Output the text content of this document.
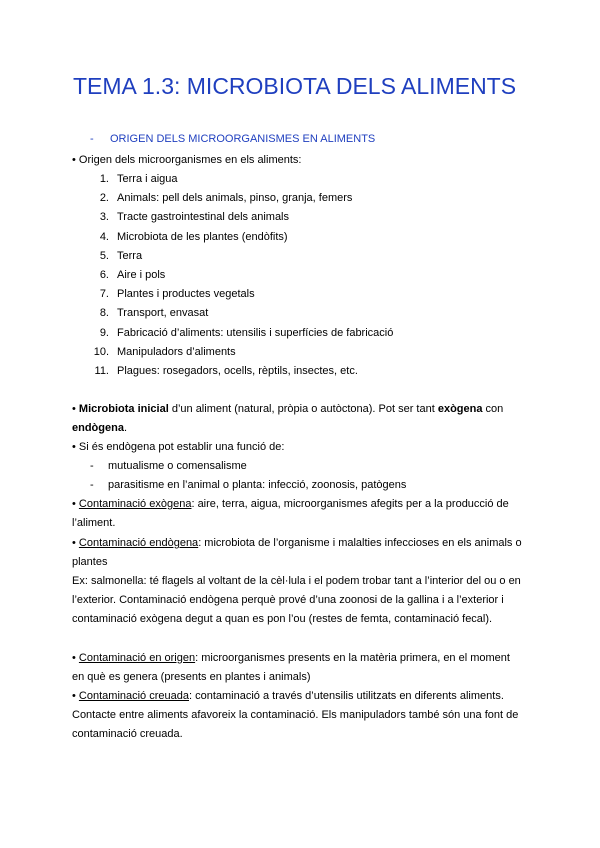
TEMA 1.3: MICROBIOTA DELS ALIMENTS
- ORIGEN DELS MICROORGANISMES EN ALIMENTS
• Origen dels microorganismes en els aliments:
1. Terra i aigua
2. Animals: pell dels animals, pinso, granja, femers
3. Tracte gastrointestinal dels animals
4. Microbiota de les plantes (endòfits)
5. Terra
6. Aire i pols
7. Plantes i productes vegetals
8. Transport, envasat
9. Fabricació d’aliments: utensilis i superfícies de fabricació
10. Manipuladors d’aliments
11. Plagues: rosegadors, ocells, rèptils, insectes, etc.
• Microbiota inicial d’un aliment (natural, pròpia o autòctona). Pot ser tant exògena con
endògena.
• Si és endògena pot establir una funció de:
- mutualisme o comensalisme
- parasitisme en l’animal o planta: infecció, zoonosis, patògens
• Contaminació exògena: aire, terra, aigua, microorganismes afegits per a la producció de
l’aliment.
• Contaminació endògena: microbiota de l’organisme i malalties infeccioses en els animals o
plantes
Ex: salmonella: té flagels al voltant de la cèl·lula i el podem trobar tant a l’interior del ou o en
l’exterior. Contaminació endògena perquè prové d’una zoonosi de la gallina i a l’exterior i
contaminació exògena degut a quan es pon l’ou (restes de femta, contaminació fecal).
• Contaminació en origen: microorganismes presents en la matèria primera, en el moment
en què es genera (presents en plantes i animals)
• Contaminació creuada: contaminació a través d’utensilis utilitzats en diferents aliments.
Contacte entre aliments afavoreix la contaminació. Els manipuladors també són una font de
contaminació creuada.
